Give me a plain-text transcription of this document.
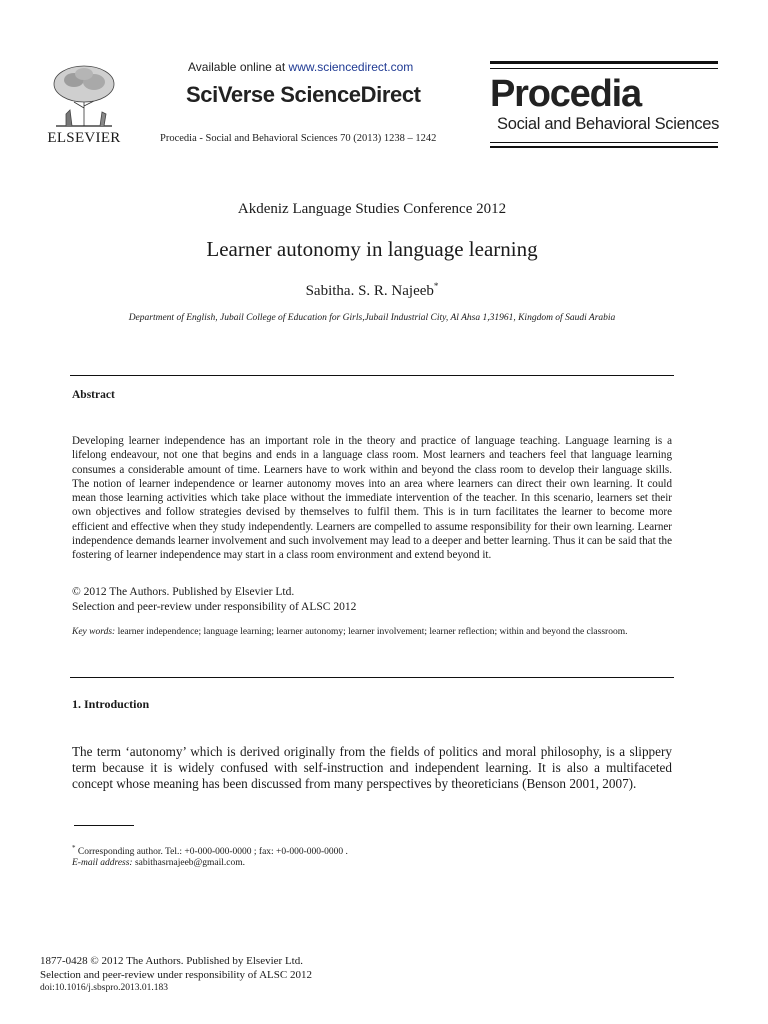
ELSEVIER
Available online at www.sciencedirect.com
SciVerse ScienceDirect
Procedia - Social and Behavioral Sciences 70 (2013) 1238 – 1242
Procedia
Social and Behavioral Sciences
Akdeniz Language Studies Conference 2012
Learner autonomy in language learning
Sabitha. S. R. Najeeb*
Department of English, Jubail College of Education for Girls,Jubail Industrial City, Al Ahsa 1,31961, Kingdom of Saudi Arabia
Abstract
Developing learner independence has an important role in the theory and practice of language teaching. Language learning is a lifelong endeavour, not one that begins and ends in a language class room. Most learners and teachers feel that language learning consumes a considerable amount of time. Learners have to work within and beyond the class room to develop their language skills. The notion of learner independence or learner autonomy moves into an area where learners can direct their own learning. It could mean those learning activities which take place without the immediate intervention of the teacher. In this scenario, learners set their own objectives and follow strategies devised by themselves to fulfil them. This is in turn facilitates the learner to become more efficient and effective when they study independently. Learners are compelled to assume responsibility for their own learning. Learner independence demands learner involvement and such involvement may lead to a deeper and better learning. Thus it can be said that the fostering of learner independence may start in a class room environment and extend beyond it.
© 2012 The Authors. Published by Elsevier Ltd.
Selection and peer-review under responsibility of ALSC 2012
Key words: learner independence; language learning; learner autonomy; learner involvement; learner reflection; within and beyond the classroom.
1. Introduction
The term ‘autonomy’ which is derived originally from the fields of politics and moral philosophy, is a slippery term because it is widely confused with self-instruction and independent learning. It is also a multifaceted concept whose meaning has been discussed from many perspectives by theoreticians (Benson 2001, 2007).
* Corresponding author. Tel.: +0-000-000-0000 ; fax: +0-000-000-0000 .
E-mail address: sabithasrnajeeb@gmail.com.
1877-0428 © 2012 The Authors. Published by Elsevier Ltd.
Selection and peer-review under responsibility of ALSC 2012
doi:10.1016/j.sbspro.2013.01.183
